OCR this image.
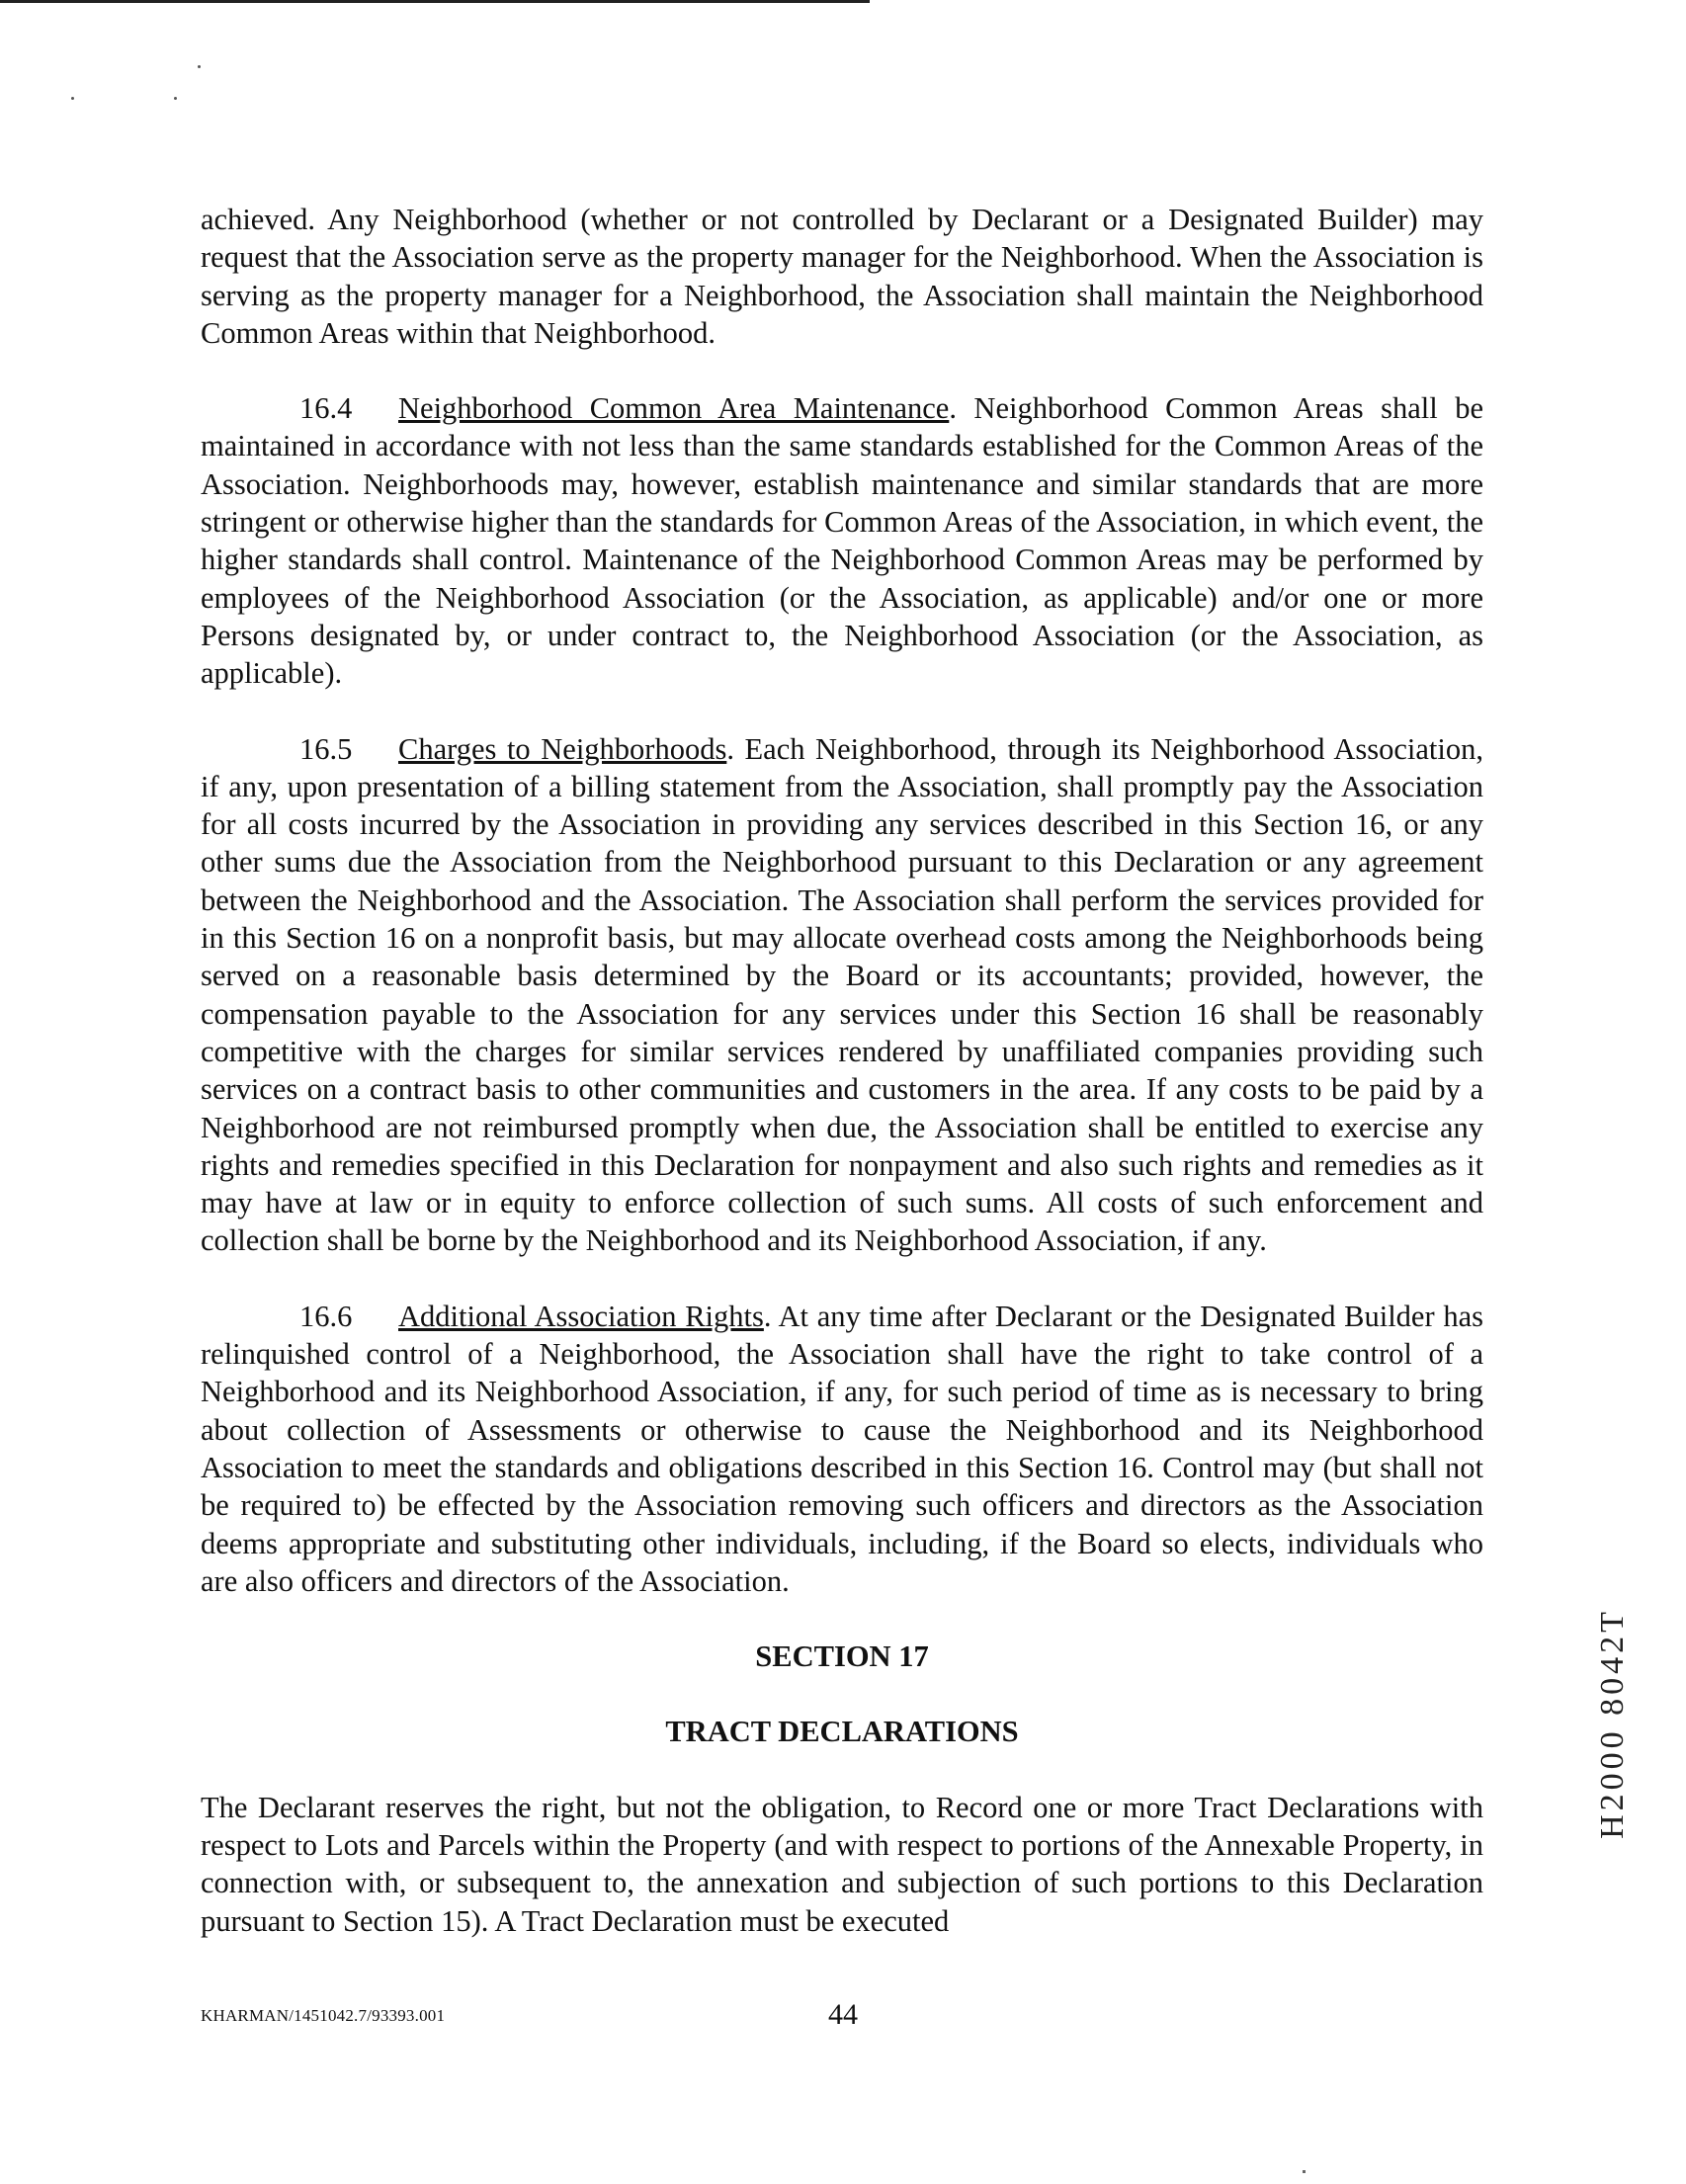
achieved. Any Neighborhood (whether or not controlled by Declarant or a Designated Builder) may request that the Association serve as the property manager for the Neighborhood. When the Association is serving as the property manager for a Neighborhood, the Association shall maintain the Neighborhood Common Areas within that Neighborhood.

16.4 Neighborhood Common Area Maintenance. Neighborhood Common Areas shall be maintained in accordance with not less than the same standards established for the Common Areas of the Association. Neighborhoods may, however, establish maintenance and similar standards that are more stringent or otherwise higher than the standards for Common Areas of the Association, in which event, the higher standards shall control. Maintenance of the Neighborhood Common Areas may be performed by employees of the Neighborhood Association (or the Association, as applicable) and/or one or more Persons designated by, or under contract to, the Neighborhood Association (or the Association, as applicable).

16.5 Charges to Neighborhoods. Each Neighborhood, through its Neighborhood Association, if any, upon presentation of a billing statement from the Association, shall promptly pay the Association for all costs incurred by the Association in providing any services described in this Section 16, or any other sums due the Association from the Neighborhood pursuant to this Declaration or any agreement between the Neighborhood and the Association. The Association shall perform the services provided for in this Section 16 on a nonprofit basis, but may allocate overhead costs among the Neighborhoods being served on a reasonable basis determined by the Board or its accountants; provided, however, the compensation payable to the Association for any services under this Section 16 shall be reasonably competitive with the charges for similar services rendered by unaffiliated companies providing such services on a contract basis to other communities and customers in the area. If any costs to be paid by a Neighborhood are not reimbursed promptly when due, the Association shall be entitled to exercise any rights and remedies specified in this Declaration for nonpayment and also such rights and remedies as it may have at law or in equity to enforce collection of such sums. All costs of such enforcement and collection shall be borne by the Neighborhood and its Neighborhood Association, if any.

16.6 Additional Association Rights. At any time after Declarant or the Designated Builder has relinquished control of a Neighborhood, the Association shall have the right to take control of a Neighborhood and its Neighborhood Association, if any, for such period of time as is necessary to bring about collection of Assessments or otherwise to cause the Neighborhood and its Neighborhood Association to meet the standards and obligations described in this Section 16. Control may (but shall not be required to) be effected by the Association removing such officers and directors as the Association deems appropriate and substituting other individuals, including, if the Board so elects, individuals who are also officers and directors of the Association.

SECTION 17

TRACT DECLARATIONS

The Declarant reserves the right, but not the obligation, to Record one or more Tract Declarations with respect to Lots and Parcels within the Property (and with respect to portions of the Annexable Property, in connection with, or subsequent to, the annexation and subjection of such portions to this Declaration pursuant to Section 15). A Tract Declaration must be executed

KHARMAN/1451042.7/93393.001	44
H2000 8042T
